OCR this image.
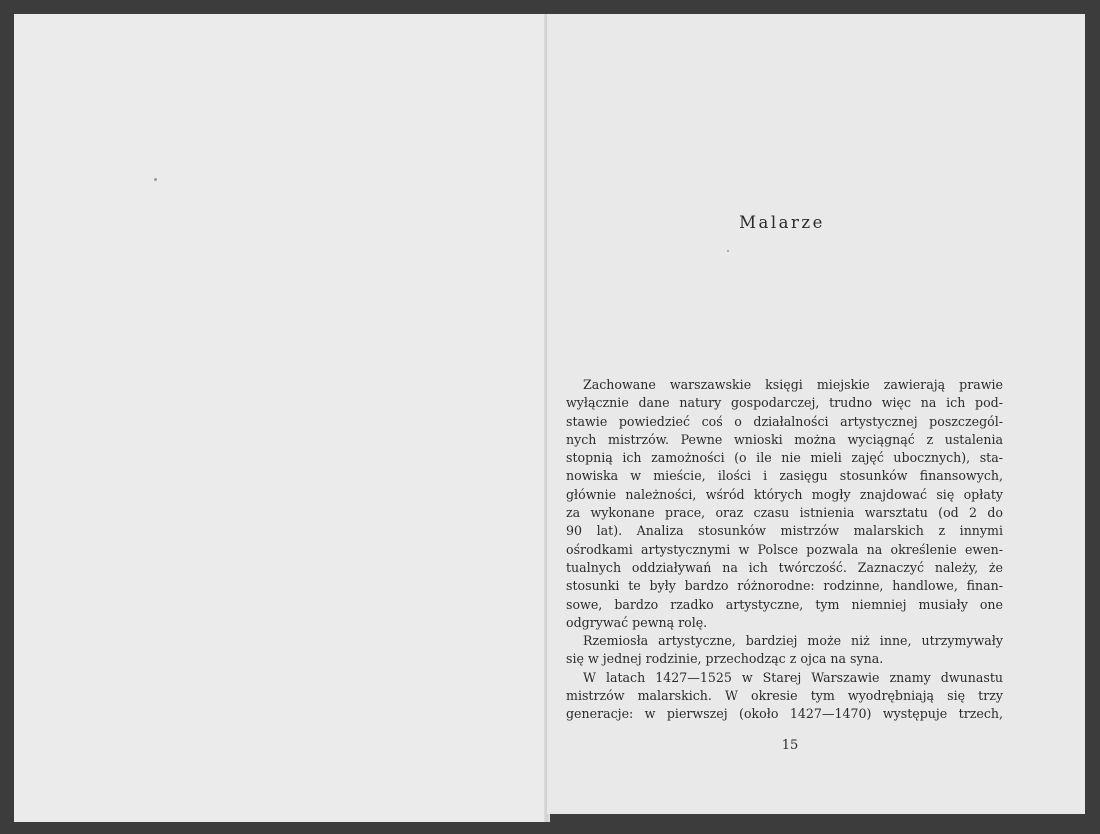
Malarze
Zachowane warszawskie księgi miejskie zawierają prawie
wyłącznie dane natury gospodarczej, trudno więc na ich pod-
stawie powiedzieć coś o działalności artystycznej poszczegól-
nych mistrzów. Pewne wnioski można wyciągnąć z ustalenia
stopnią ich zamożności (o ile nie mieli zajęć ubocznych), sta-
nowiska w mieście, ilości i zasięgu stosunków finansowych,
głównie należności, wśród których mogły znajdować się opłaty
za wykonane prace, oraz czasu istnienia warsztatu (od 2 do
90 lat). Analiza stosunków mistrzów malarskich z innymi
ośrodkami artystycznymi w Polsce pozwala na określenie ewen-
tualnych oddziaływań na ich twórczość. Zaznaczyć należy, że
stosunki te były bardzo różnorodne: rodzinne, handlowe, finan-
sowe, bardzo rzadko artystyczne, tym niemniej musiały one
odgrywać pewną rolę.
Rzemiosła artystyczne, bardziej może niż inne, utrzymywały
się w jednej rodzinie, przechodząc z ojca na syna.
W latach 1427—1525 w Starej Warszawie znamy dwunastu
mistrzów malarskich. W okresie tym wyodrębniają się trzy
generacje: w pierwszej (około 1427—1470) występuje trzech,
15
